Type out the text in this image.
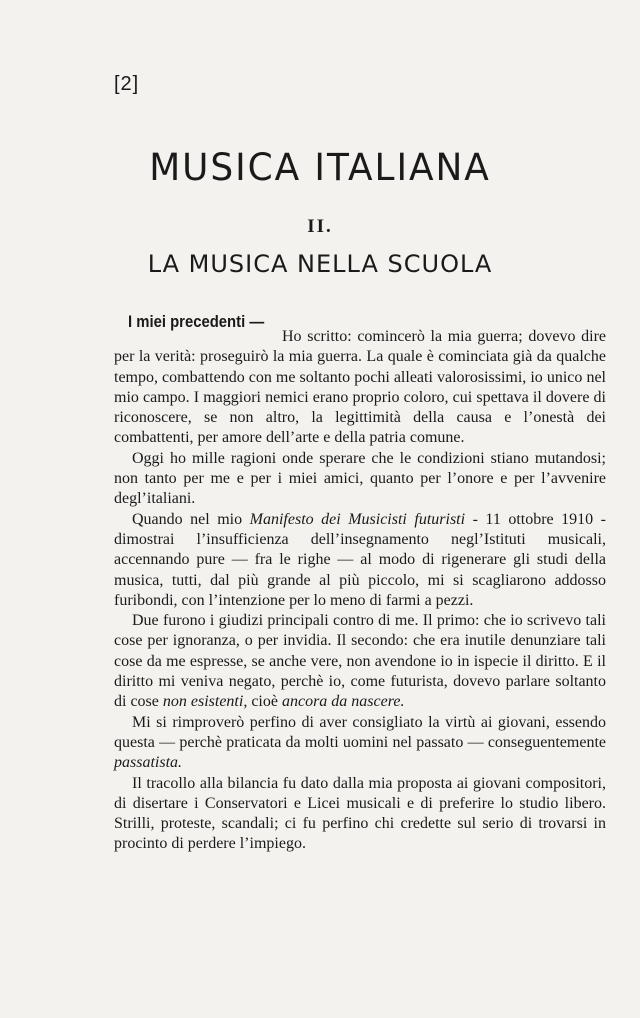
[2]
MUSICA ITALIANA
II.
LA MUSICA NELLA SCUOLA
I miei precedenti —

Ho scritto: comincerò la mia guerra; dovevo dire per la verità: proseguirò la mia guerra. La quale è cominciata già da qualche tempo, combattendo con me soltanto pochi alleati valorosissimi, io unico nel mio campo. I maggiori nemici erano proprio coloro, cui spettava il dovere di riconoscere, se non altro, la legittimità della causa e l’onestà dei combattenti, per amore dell’arte e della patria comune.

Oggi ho mille ragioni onde sperare che le condizioni stiano mutandosi; non tanto per me e per i miei amici, quanto per l’onore e per l’avvenire degl’italiani.

Quando nel mio Manifesto dei Musicisti futuristi - 11 ottobre 1910 - dimostrai l’insufficienza dell’insegnamento negl’Istituti musicali, accennando pure — fra le righe — al modo di rigenerare gli studi della musica, tutti, dal più grande al più piccolo, mi si scagliarono addosso furibondi, con l’intenzione per lo meno di farmi a pezzi.

Due furono i giudizi principali contro di me. Il primo: che io scrivevo tali cose per ignoranza, o per invidia. Il secondo: che era inutile denunziare tali cose da me espresse, se anche vere, non avendone io in ispecie il diritto. E il diritto mi veniva negato, perchè io, come futurista, dovevo parlare soltanto di cose non esistenti, cioè ancora da nascere.

Mi si rimproverò perfino di aver consigliato la virtù ai giovani, essendo questa — perchè praticata da molti uomini nel passato — conseguentemente passatista.

Il tracollo alla bilancia fu dato dalla mia proposta ai giovani compositori, di disertare i Conservatori e Licei musicali e di preferire lo studio libero. Strilli, proteste, scandali; ci fu perfino chi credette sul serio di trovarsi in procinto di perdere l’impiego.
